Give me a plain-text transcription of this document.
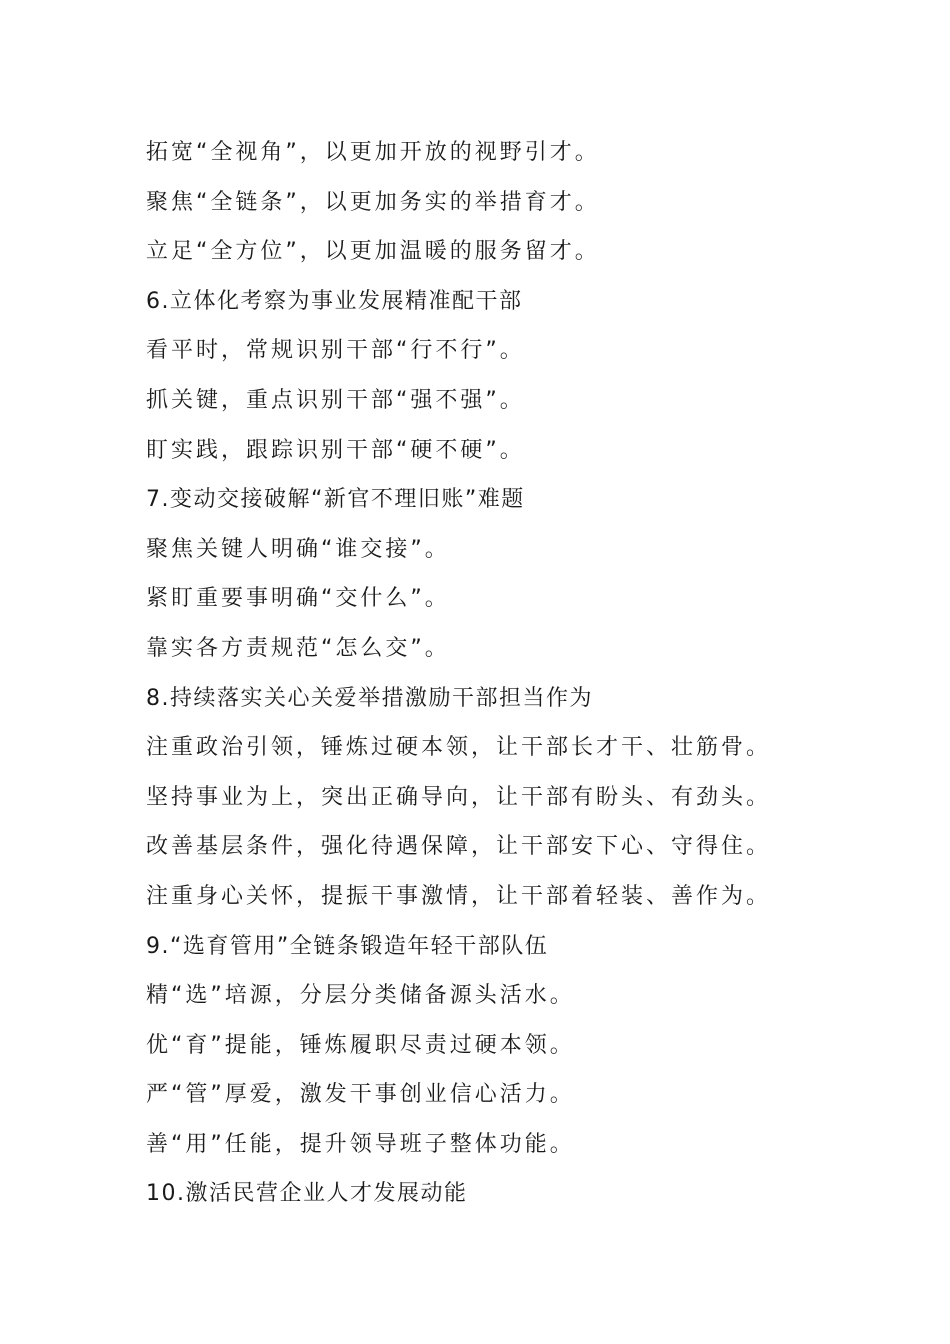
拓宽“全视角”，以更加开放的视野引才。
聚焦“全链条”，以更加务实的举措育才。
立足“全方位”，以更加温暖的服务留才。
6.立体化考察为事业发展精准配干部
看平时，常规识别干部“行不行”。
抓关键，重点识别干部“强不强”。
盯实践，跟踪识别干部“硬不硬”。
7.变动交接破解“新官不理旧账”难题
聚焦关键人明确“谁交接”。
紧盯重要事明确“交什么”。
靠实各方责规范“怎么交”。
8.持续落实关心关爱举措激励干部担当作为
注重政治引领，锤炼过硬本领，让干部长才干、壮筋骨。
坚持事业为上，突出正确导向，让干部有盼头、有劲头。
改善基层条件，强化待遇保障，让干部安下心、守得住。
注重身心关怀，提振干事激情，让干部着轻装、善作为。
9.“选育管用”全链条锻造年轻干部队伍
精“选”培源，分层分类储备源头活水。
优“育”提能，锤炼履职尽责过硬本领。
严“管”厚爱，激发干事创业信心活力。
善“用”任能，提升领导班子整体功能。
10.激活民营企业人才发展动能
